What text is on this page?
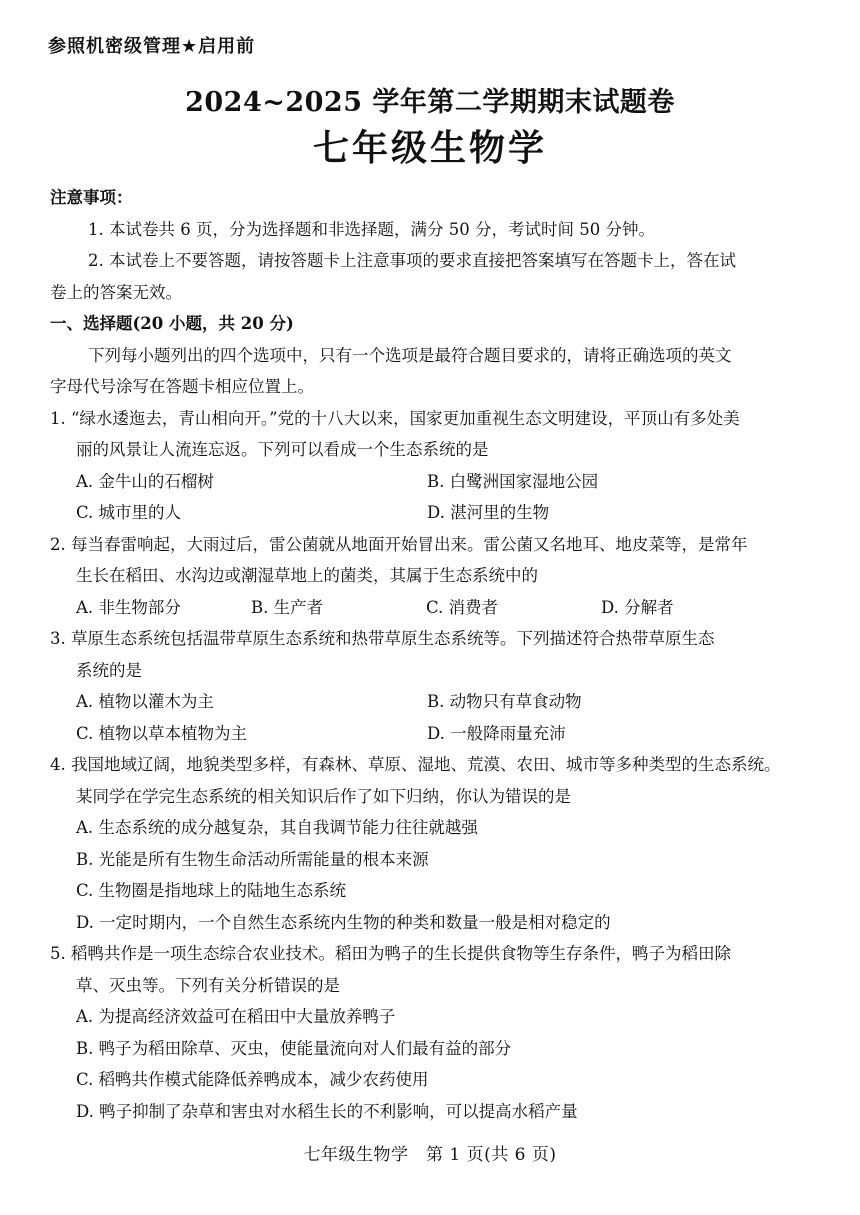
参照机密级管理★启用前
2024~2025 学年第二学期期末试题卷
七年级生物学
注意事项：
1. 本试卷共 6 页，分为选择题和非选择题，满分 50 分，考试时间 50 分钟。
2. 本试卷上不要答题，请按答题卡上注意事项的要求直接把答案填写在答题卡上，答在试
卷上的答案无效。
一、选择题(20 小题，共 20 分)
下列每小题列出的四个选项中，只有一个选项是最符合题目要求的，请将正确选项的英文
字母代号涂写在答题卡相应位置上。
1. “绿水逶迤去，青山相向开。”党的十八大以来，国家更加重视生态文明建设，平顶山有多处美
丽的风景让人流连忘返。下列可以看成一个生态系统的是
A. 金牛山的石榴树	B. 白鹭洲国家湿地公园
C. 城市里的人	D. 湛河里的生物
2. 每当春雷响起，大雨过后，雷公菌就从地面开始冒出来。雷公菌又名地耳、地皮菜等，是常年
生长在稻田、水沟边或潮湿草地上的菌类，其属于生态系统中的
A. 非生物部分	B. 生产者	C. 消费者	D. 分解者
3. 草原生态系统包括温带草原生态系统和热带草原生态系统等。下列描述符合热带草原生态
系统的是
A. 植物以灌木为主	B. 动物只有草食动物
C. 植物以草本植物为主	D. 一般降雨量充沛
4. 我国地域辽阔，地貌类型多样，有森林、草原、湿地、荒漠、农田、城市等多种类型的生态系统。
某同学在学完生态系统的相关知识后作了如下归纳，你认为错误的是
A. 生态系统的成分越复杂，其自我调节能力往往就越强
B. 光能是所有生物生命活动所需能量的根本来源
C. 生物圈是指地球上的陆地生态系统
D. 一定时期内，一个自然生态系统内生物的种类和数量一般是相对稳定的
5. 稻鸭共作是一项生态综合农业技术。稻田为鸭子的生长提供食物等生存条件，鸭子为稻田除
草、灭虫等。下列有关分析错误的是
A. 为提高经济效益可在稻田中大量放养鸭子
B. 鸭子为稻田除草、灭虫，使能量流向对人们最有益的部分
C. 稻鸭共作模式能降低养鸭成本，减少农药使用
D. 鸭子抑制了杂草和害虫对水稻生长的不利影响，可以提高水稻产量
七年级生物学　第 1 页(共 6 页)
